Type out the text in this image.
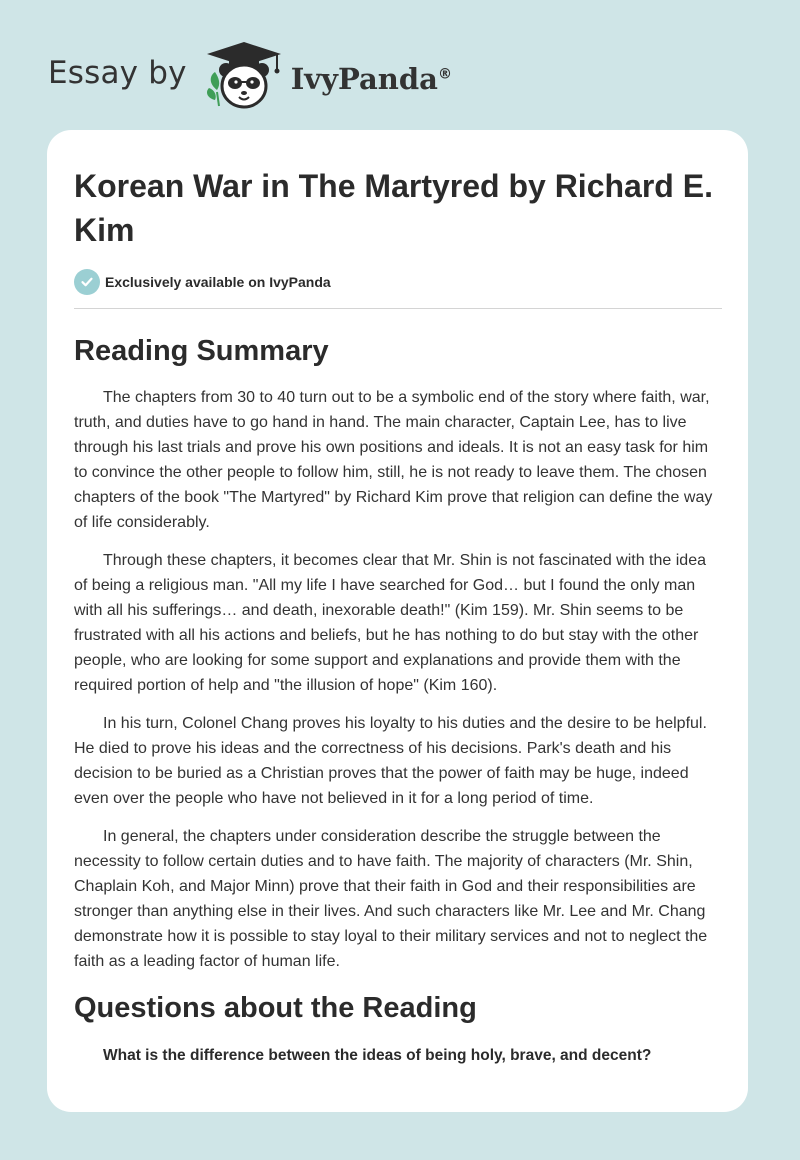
Essay by	IvyPanda®
Korean War in The Martyred by Richard E. Kim
Exclusively available on IvyPanda
Reading Summary

The chapters from 30 to 40 turn out to be a symbolic end of the story where faith, war, truth, and duties have to go hand in hand. The main character, Captain Lee, has to live through his last trials and prove his own positions and ideals. It is not an easy task for him to convince the other people to follow him, still, he is not ready to leave them. The chosen chapters of the book "The Martyred" by Richard Kim prove that religion can define the way of life considerably.

Through these chapters, it becomes clear that Mr. Shin is not fascinated with the idea of being a religious man. "All my life I have searched for God… but I found the only man with all his sufferings… and death, inexorable death!" (Kim 159). Mr. Shin seems to be frustrated with all his actions and beliefs, but he has nothing to do but stay with the other people, who are looking for some support and explanations and provide them with the required portion of help and "the illusion of hope" (Kim 160).

In his turn, Colonel Chang proves his loyalty to his duties and the desire to be helpful. He died to prove his ideas and the correctness of his decisions. Park's death and his decision to be buried as a Christian proves that the power of faith may be huge, indeed even over the people who have not believed in it for a long period of time.

In general, the chapters under consideration describe the struggle between the necessity to follow certain duties and to have faith. The majority of characters (Mr. Shin, Chaplain Koh, and Major Minn) prove that their faith in God and their responsibilities are stronger than anything else in their lives. And such characters like Mr. Lee and Mr. Chang demonstrate how it is possible to stay loyal to their military services and not to neglect the faith as a leading factor of human life.

Questions about the Reading
What is the difference between the ideas of being holy, brave, and decent?
